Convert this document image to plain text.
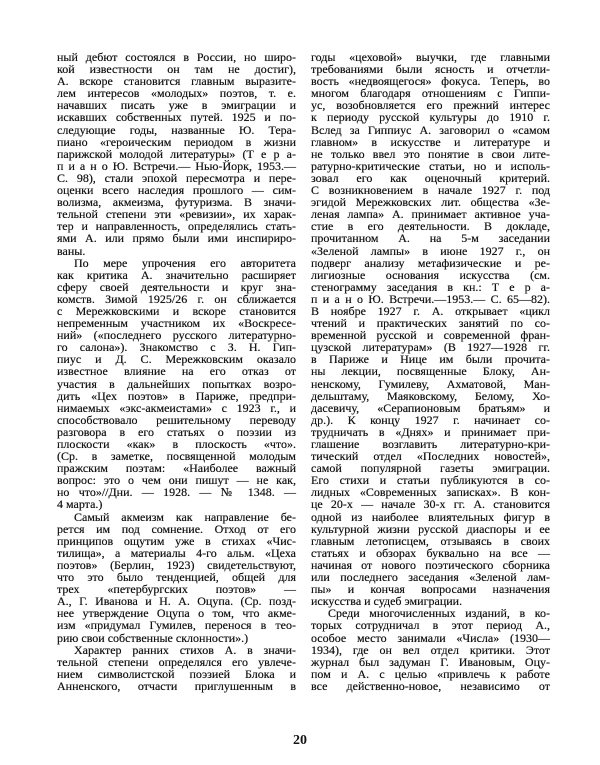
ный дебют состоялся в России, но широ-
кой известности он там не достиг),
А. вскоре становится главным выразите-
лем интересов «молодых» поэтов, т. е.
начавших писать уже в эмиграции и
искавших собственных путей. 1925 и по-
следующие годы, названные Ю. Тера-
пиано «героическим периодом в жизни
парижской молодой литературы» (Т е р а-
п и а н о Ю. Встречи.— Нью-Йорк, 1953.—
С. 98), стали эпохой пересмотра и пере-
оценки всего наследия прошлого — сим-
волизма, акмеизма, футуризма. В значи-
тельной степени эти «ревизии», их харак-
тер и направленность, определялись стать-
ями А. или прямо были ими инспириро-
ваны.
По мере упрочения его авторитета
как критика А. значительно расширяет
сферу своей деятельности и круг зна-
комств. Зимой 1925/26 г. он сближается
с Мережковскими и вскоре становится
непременным участником их «Воскресе-
ний» («последнего русского литературно-
го салона»). Знакомство с З. Н. Гип-
пиус и Д. С. Мережковским оказало
известное влияние на его отказ от
участия в дальнейших попытках возро-
дить «Цех поэтов» в Париже, предпри-
нимаемых «экс-акмеистами» с 1923 г., и
способствовало решительному переводу
разговора в его статьях о поэзии из
плоскости «как» в плоскость «что».
(Ср. в заметке, посвященной молодым
пражским поэтам: «Наиболее важный
вопрос: это о чем они пишут — не как,
но что»//Дни. — 1928. — № 1348. —
4 марта.)
Самый акмеизм как направление бе-
рется им под сомнение. Отход от его
принципов ощутим уже в стихах «Чис-
тилища», а материалы 4-го альм. «Цеха
поэтов» (Берлин, 1923) свидетельствуют,
что это было тенденцией, общей для
трех «петербургских поэтов» —
А., Г. Иванова и Н. А. Оцупа. (Ср. позд-
нее утверждение Оцупа о том, что акме-
изм «придумал Гумилев, перенося в тео-
рию свои собственные склонности».)
Характер ранних стихов А. в значи-
тельной степени определялся его увлече-
нием символистской поэзией Блока и
Анненского, отчасти приглушенным в
годы «цеховой» выучки, где главными
требованиями были ясность и отчетли-
вость «недвоящегося» фокуса. Теперь, во
многом благодаря отношениям с Гиппи-
ус, возобновляется его прежний интерес
к периоду русской культуры до 1910 г.
Вслед за Гиппиус А. заговорил о «самом
главном» в искусстве и литературе и
не только ввел это понятие в свои лите-
ратурно-критические статьи, но и исполь-
зовал его как оценочный критерий.
С возникновением в начале 1927 г. под
эгидой Мережковских лит. общества «Зе-
леная лампа» А. принимает активное уча-
стие в его деятельности. В докладе,
прочитанном А. на 5-м заседании
«Зеленой лампы» в июне 1927 г., он
подверг анализу метафизические и ре-
лигиозные основания искусства (см.
стенограмму заседания в кн.: Т е р а-
п и а н о Ю. Встречи.—1953.— С. 65—82).
В ноябре 1927 г. А. открывает «цикл
чтений и практических занятий по со-
временной русской и современной фран-
цузской литературам» (В 1927—1928 гг.
в Париже и Нице им были прочита-
ны лекции, посвященные Блоку, Ан-
ненскому, Гумилеву, Ахматовой, Ман-
дельштаму, Маяковскому, Белому, Хо-
дасевичу, «Серапионовым братьям» и
др.). К концу 1927 г. начинает со-
трудничать в «Днях» и принимает при-
глашение возглавить литературно-кри-
тический отдел «Последних новостей»,
самой популярной газеты эмиграции.
Его стихи и статьи публикуются в со-
лидных «Современных записках». В кон-
це 20-х — начале 30-х гг. А. становится
одной из наиболее влиятельных фигур в
культурной жизни русской диаспоры и ее
главным летописцем, отзываясь в своих
статьях и обзорах буквально на все —
начиная от нового поэтического сборника
или последнего заседания «Зеленой лам-
пы» и кончая вопросами назначения
искусства и судеб эмиграции.
Среди многочисленных изданий, в ко-
торых сотрудничал в этот период А.,
особое место занимали «Числа» (1930—
1934), где он вел отдел критики. Этот
журнал был задуман Г. Ивановым, Оцу-
пом и А. с целью «привлечь к работе
все действенно-новое, независимо от
20
